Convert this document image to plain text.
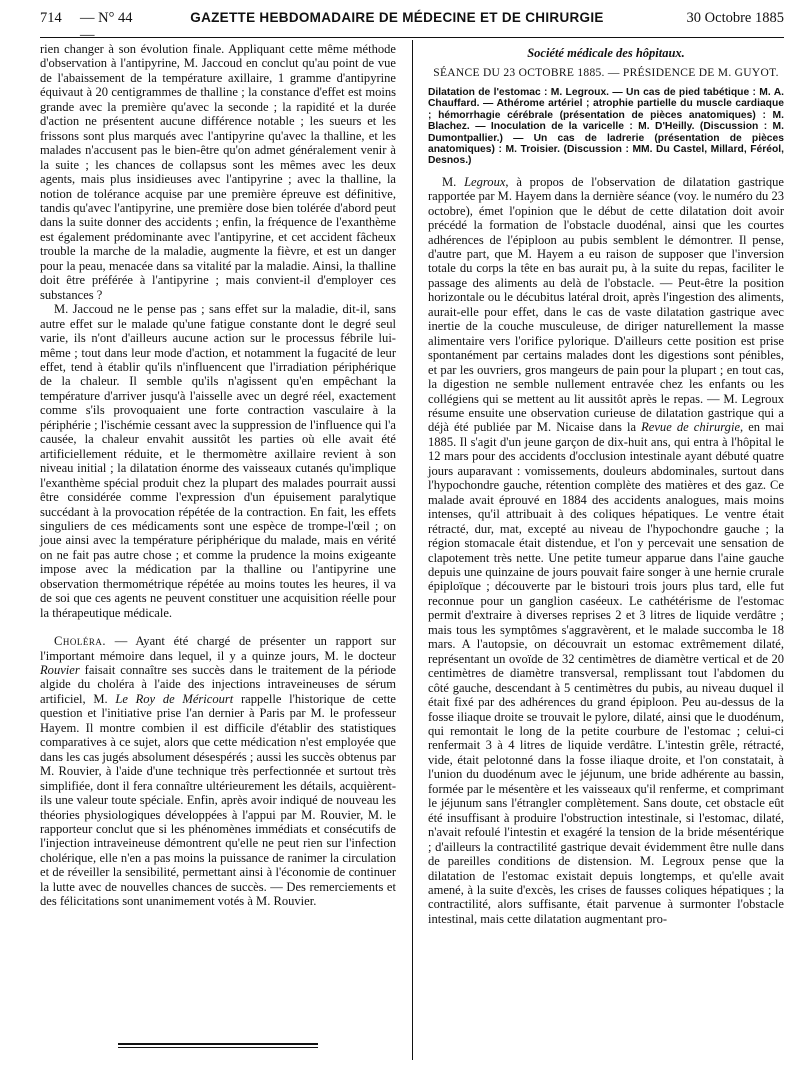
714	— N° 44 —
GAZETTE HEBDOMADAIRE DE MÉDECINE ET DE CHIRURGIE	30 Octobre 1885

rien changer à son évolution finale. Appliquant cette même méthode d'observation à l'antipyrine, M. Jaccoud en conclut qu'au point de vue de l'abaissement de la température axillaire, 1 gramme d'antipyrine équivaut à 20 centigrammes de thalline ; la constance d'effet est moins grande avec la première qu'avec la seconde ; la rapidité et la durée d'action ne présentent aucune différence notable ; les sueurs et les frissons sont plus marqués avec l'antipyrine qu'avec la thalline, et les malades n'accusent pas le bien-être qu'on admet généralement venir à la suite ; les chances de collapsus sont les mêmes avec les deux agents, mais plus insidieuses avec l'antipyrine ; avec la thalline, la notion de tolérance acquise par une première épreuve est définitive, tandis qu'avec l'antipyrine, une première dose bien tolérée d'abord peut dans la suite donner des accidents ; enfin, la fréquence de l'exanthème est également prédominante avec l'antipyrine, et cet accident fâcheux trouble la marche de la maladie, augmente la fièvre, et est un danger pour la peau, menacée dans sa vitalité par la maladie. Ainsi, la thalline doit être préférée à l'antipyrine ; mais convient-il d'employer ces substances ?

M. Jaccoud ne le pense pas ; sans effet sur la maladie, dit-il, sans autre effet sur le malade qu'une fatigue constante dont le degré seul varie, ils n'ont d'ailleurs aucune action sur le processus fébrile lui-même ; tout dans leur mode d'action, et notamment la fugacité de leur effet, tend à établir qu'ils n'influencent que l'irradiation périphérique de la chaleur. Il semble qu'ils n'agissent qu'en empêchant la température d'arriver jusqu'à l'aisselle avec un degré réel, exactement comme s'ils provoquaient une forte contraction vasculaire à la périphérie ; l'ischémie cessant avec la suppression de l'influence qui l'a causée, la chaleur envahit aussitôt les parties où elle avait été artificiellement réduite, et le thermomètre axillaire revient à son niveau initial ; la dilatation énorme des vaisseaux cutanés qu'implique l'exanthème spécial produit chez la plupart des malades pourrait aussi être considérée comme l'expression d'un épuisement paralytique succédant à la provocation répétée de la contraction. En fait, les effets singuliers de ces médicaments sont une espèce de trompe-l'œil ; on joue ainsi avec la température périphérique du malade, mais en vérité on ne fait pas autre chose ; et comme la prudence la moins exigeante impose avec la médication par la thalline ou l'antipyrine une observation thermométrique répétée au moins toutes les heures, il va de soi que ces agents ne peuvent constituer une acquisition réelle pour la thérapeutique médicale.

Choléra. — Ayant été chargé de présenter un rapport sur l'important mémoire dans lequel, il y a quinze jours, M. le docteur Rouvier faisait connaître ses succès dans le traitement de la période algide du choléra à l'aide des injections intraveineuses de sérum artificiel, M. Le Roy de Méricourt rappelle l'historique de cette question et l'initiative prise l'an dernier à Paris par M. le professeur Hayem. Il montre combien il est difficile d'établir des statistiques comparatives à ce sujet, alors que cette médication n'est employée que dans les cas jugés absolument désespérés ; aussi les succès obtenus par M. Rouvier, à l'aide d'une technique très perfectionnée et surtout très simplifiée, dont il fera connaître ultérieurement les détails, acquièrent-ils une valeur toute spéciale. Enfin, après avoir indiqué de nouveau les théories physiologiques développées à l'appui par M. Rouvier, M. le rapporteur conclut que si les phénomènes immédiats et consécutifs de l'injection intraveineuse démontrent qu'elle ne peut rien sur l'infection cholérique, elle n'en a pas moins la puissance de ranimer la circulation et de réveiller la sensibilité, permettant ainsi à l'économie de continuer la lutte avec de nouvelles chances de succès. — Des remerciements et des félicitations sont unanimement votés à M. Rouvier.

Société médicale des hôpitaux.

SÉANCE DU 23 OCTOBRE 1885. — PRÉSIDENCE DE M. GUYOT.

Dilatation de l'estomac : M. Legroux. — Un cas de pied tabétique : M. A. Chauffard. — Athérome artériel ; atrophie partielle du muscle cardiaque ; hémorrhagie cérébrale (présentation de pièces anatomiques) : M. Blachez. — Inoculation de la varicelle : M. D'Heilly. (Discussion : M. Dumontpallier.) — Un cas de ladrerie (présentation de pièces anatomiques) : M. Troisier. (Discussion : MM. Du Castel, Millard, Féréol, Desnos.)

M. Legroux, à propos de l'observation de dilatation gastrique rapportée par M. Hayem dans la dernière séance (voy. le numéro du 23 octobre), émet l'opinion que le début de cette dilatation doit avoir précédé la formation de l'obstacle duodénal, ainsi que les courtes adhérences de l'épiploon au pubis semblent le démontrer. Il pense, d'autre part, que M. Hayem a eu raison de supposer que l'inversion totale du corps la tête en bas aurait pu, à la suite du repas, faciliter le passage des aliments au delà de l'obstacle. — Peut-être la position horizontale ou le décubitus latéral droit, après l'ingestion des aliments, aurait-elle pour effet, dans le cas de vaste dilatation gastrique avec inertie de la couche musculeuse, de diriger naturellement la masse alimentaire vers l'orifice pylorique. D'ailleurs cette position est prise spontanément par certains malades dont les digestions sont pénibles, et par les ouvriers, gros mangeurs de pain pour la plupart ; en tout cas, la digestion ne semble nullement entravée chez les enfants ou les collégiens qui se mettent au lit aussitôt après le repas. — M. Legroux résume ensuite une observation curieuse de dilatation gastrique qui a déjà été publiée par M. Nicaise dans la Revue de chirurgie, en mai 1885. Il s'agit d'un jeune garçon de dix-huit ans, qui entra à l'hôpital le 12 mars pour des accidents d'occlusion intestinale ayant débuté quatre jours auparavant : vomissements, douleurs abdominales, surtout dans l'hypochondre gauche, rétention complète des matières et des gaz. Ce malade avait éprouvé en 1884 des accidents analogues, mais moins intenses, qu'il attribuait à des coliques hépatiques. Le ventre était rétracté, dur, mat, excepté au niveau de l'hypochondre gauche ; la région stomacale était distendue, et l'on y percevait une sensation de clapotement très nette. Une petite tumeur apparue dans l'aine gauche depuis une quinzaine de jours pouvait faire songer à une hernie crurale épiploïque ; découverte par le bistouri trois jours plus tard, elle fut reconnue pour un ganglion caséeux. Le cathétérisme de l'estomac permit d'extraire à diverses reprises 2 et 3 litres de liquide verdâtre ; mais tous les symptômes s'aggravèrent, et le malade succomba le 18 mars. A l'autopsie, on découvrait un estomac extrêmement dilaté, représentant un ovoïde de 32 centimètres de diamètre vertical et de 20 centimètres de diamètre transversal, remplissant tout l'abdomen du côté gauche, descendant à 5 centimètres du pubis, au niveau duquel il était fixé par des adhérences du grand épiploon. Peu au-dessus de la fosse iliaque droite se trouvait le pylore, dilaté, ainsi que le duodénum, qui remontait le long de la petite courbure de l'estomac ; celui-ci renfermait 3 à 4 litres de liquide verdâtre. L'intestin grêle, rétracté, vide, était pelotonné dans la fosse iliaque droite, et l'on constatait, à l'union du duodénum avec le jéjunum, une bride adhérente au bassin, formée par le mésentère et les vaisseaux qu'il renferme, et comprimant le jéjunum sans l'étrangler complètement. Sans doute, cet obstacle eût été insuffisant à produire l'obstruction intestinale, si l'estomac, dilaté, n'avait refoulé l'intestin et exagéré la tension de la bride mésentérique ; d'ailleurs la contractilité gastrique devait évidemment être nulle dans de pareilles conditions de distension. M. Legroux pense que la dilatation de l'estomac existait depuis longtemps, et qu'elle avait amené, à la suite d'excès, les crises de fausses coliques hépatiques ; la contractilité, alors suffisante, était parvenue à surmonter l'obstacle intestinal, mais cette dilatation augmentant pro-
